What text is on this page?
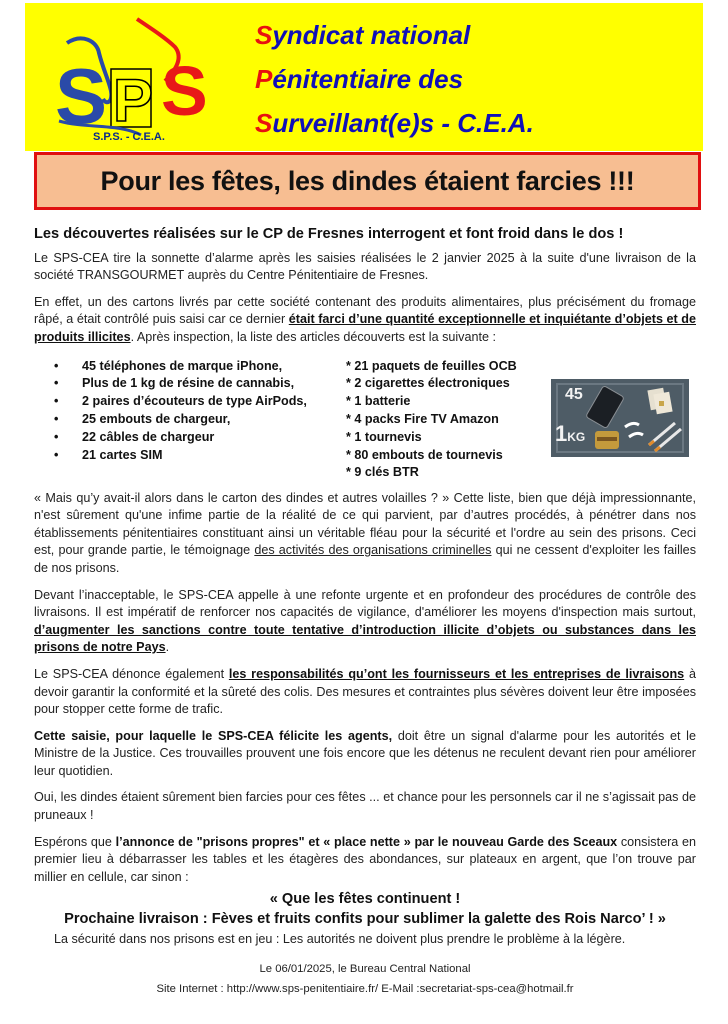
S P S
S.P.S. - C.E.A.
Syndicat national
Pénitentiaire des
Surveillant(e)s - C.E.A.
Pour les fêtes, les dindes étaient farcies !!!
Les découvertes réalisées sur le CP de Fresnes interrogent et font froid dans le dos !

Le SPS-CEA tire la sonnette d’alarme après les saisies réalisées le 2 janvier 2025 à la suite d'une livraison de la société TRANSGOURMET auprès du Centre Pénitentiaire de Fresnes.

En effet, un des cartons livrés par cette société contenant des produits alimentaires, plus précisément du fromage râpé, a était contrôlé puis saisi car ce dernier était farci d’une quantité exceptionnelle et inquiétante d’objets et de produits illicites. Après inspection, la liste des articles découverts est la suivante :

• 45 téléphones de marque iPhone,
• Plus de 1 kg de résine de cannabis,
• 2 paires d’écouteurs de type AirPods,
• 25 embouts de chargeur,
• 22 câbles de chargeur
• 21 cartes SIM
* 21 paquets de feuilles OCB
* 2 cigarettes électroniques
* 1 batterie
* 4 packs Fire TV Amazon
* 1 tournevis
* 80 embouts de tournevis
* 9 clés BTR

« Mais qu’y avait-il alors dans le carton des dindes et autres volailles ? » Cette liste, bien que déjà impressionnante, n'est sûrement qu'une infime partie de la réalité de ce qui parvient, par d’autres procédés, à pénétrer dans nos établissements pénitentiaires constituant ainsi un véritable fléau pour la sécurité et l'ordre au sein des prisons. Ceci est, pour grande partie, le témoignage des activités des organisations criminelles qui ne cessent d'exploiter les failles de nos prisons.

Devant l’inacceptable, le SPS-CEA appelle à une refonte urgente et en profondeur des procédures de contrôle des livraisons. Il est impératif de renforcer nos capacités de vigilance, d'améliorer les moyens d'inspection mais surtout, d’augmenter les sanctions contre toute tentative d’introduction illicite d’objets ou substances dans les prisons de notre Pays.

Le SPS-CEA dénonce également les responsabilités qu’ont les fournisseurs et les entreprises de livraisons à devoir garantir la conformité et la sûreté des colis. Des mesures et contraintes plus sévères doivent leur être imposées pour stopper cette forme de trafic.

Cette saisie, pour laquelle le SPS-CEA félicite les agents, doit être un signal d'alarme pour les autorités et le Ministre de la Justice. Ces trouvailles prouvent une fois encore que les détenus ne reculent devant rien pour améliorer leur quotidien.

Oui, les dindes étaient sûrement bien farcies pour ces fêtes ... et chance pour les personnels car il ne s’agissait pas de pruneaux !

Espérons que l’annonce de "prisons propres" et « place nette » par le nouveau Garde des Sceaux consistera en premier lieu à débarrasser les tables et les étagères des abondances, sur plateaux en argent, que l’on trouve par millier en cellule, car sinon :

« Que les fêtes continuent !
Prochaine livraison : Fèves et fruits confits pour sublimer la galette des Rois Narco’ ! »
La sécurité dans nos prisons est en jeu : Les autorités ne doivent plus prendre le problème à la légère.
Le 06/01/2025, le Bureau Central National
Site Internet : http://www.sps-penitentiaire.fr/ E-Mail :secretariat-sps-cea@hotmail.fr
45
1KG
